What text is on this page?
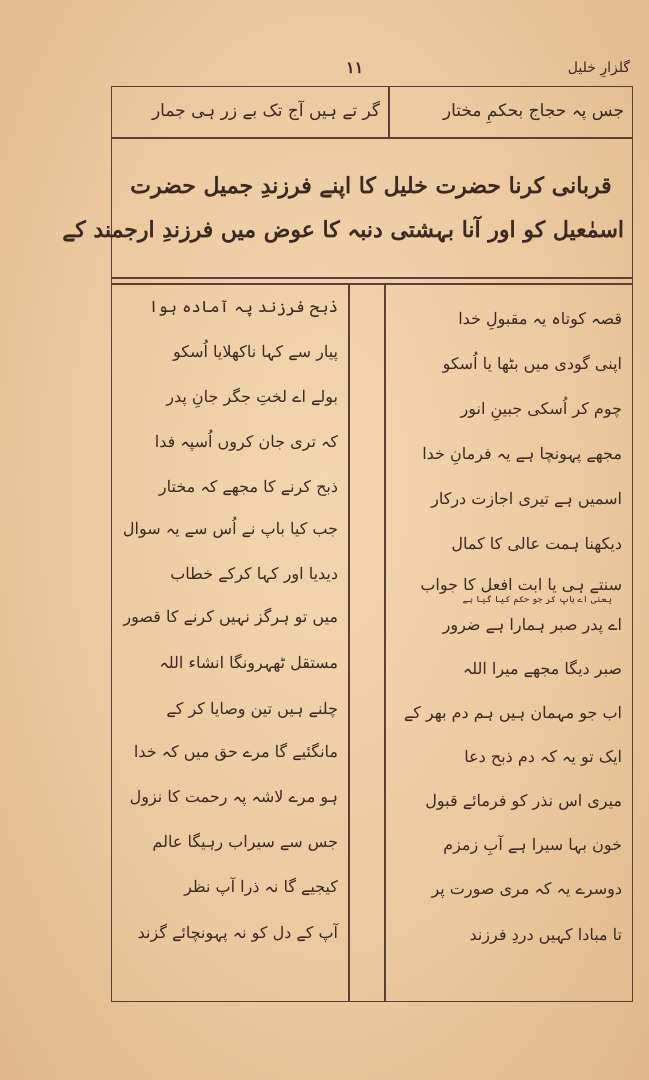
۱۱	گلزارِ خلیل
جس پہ حجاج بحکمِ مختار
گر تے ہیں آج تک بے زر ہی جمار
قربانی کرنا حضرت خلیل کا اپنے فرزندِ جمیل حضرت
اسمٰعیل کو اور آنا بہشتی دنبہ کا عوض میں فرزندِ ارجمند کے
قصہ کوتاہ یہ مقبولِ خدا
اپنی گودی میں بٹھا یا اُسکو
چوم کر اُسکی جبینِ انور
مجھے پہونچا ہے یہ فرمانِ خدا
اسمیں ہے تیری اجازت درکار
دیکھنا ہمت عالی کا کمال
سنتے ہی یا ابت افعل کا جواب
یعنی اے باپ کر جو حکم کیا گیا ہے
اے پدر صبر ہمارا ہے ضرور
صبر دیگا مجھے میرا اللہ
اب جو مہمان ہیں ہم دم بھر کے
ایک تو یہ کہ دم ذبح دعا
میری اس نذر کو فرمائے قبول
خون بہا سیرا ہے آبِ زمزم
دوسرے یہ کہ مری صورت پر
تا مبادا کہیں دردِ فرزند
ذبح فرزند پہ آمادہ ہوا
پیار سے کہا ناکھلایا اُسکو
بولے اے لختِ جگر جانِ پدر
کہ تری جان کروں اُسپہ فدا
ذبح کرنے کا مجھے کہ مختار
جب کیا باپ نے اُس سے یہ سوال
دیدیا اور کہا کرکے خطاب
میں تو ہرگز نہیں کرنے کا قصور
مستقل ٹھہرونگا انشاء اللہ
چلنے ہیں تین وصایا کر کے
مانگئیے گا مرے حق میں کہ خدا
ہو مرے لاشہ پہ رحمت کا نزول
جس سے سیراب رہیگا عالم
کیجیے گا نہ ذرا آپ نظر
آپ کے دل کو نہ پہونچائے گزند
